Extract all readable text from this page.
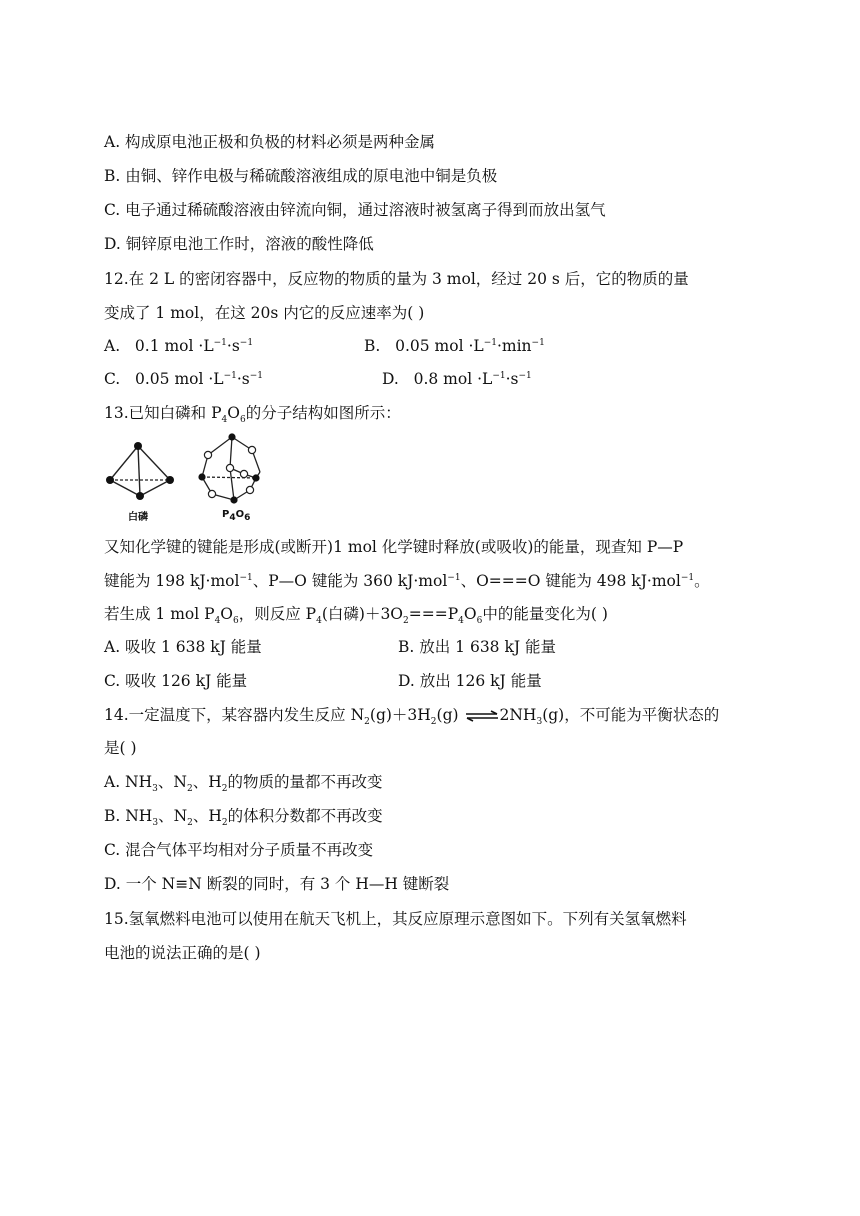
A. 构成原电池正极和负极的材料必须是两种金属
B. 由铜、锌作电极与稀硫酸溶液组成的原电池中铜是负极
C. 电子通过稀硫酸溶液由锌流向铜，通过溶液时被氢离子得到而放出氢气
D. 铜锌原电池工作时，溶液的酸性降低
12.在 2 L 的密闭容器中，反应物的物质的量为 3 mol，经过 20 s 后，它的物质的量
变成了 1 mol，在这 20s 内它的反应速率为( )
A. 0.1 mol $\cdot L^{-1}\cdot s^{-1}$	B. 0.05 mol $\cdot L^{-1}\cdot\min^{-1}$
C. 0.05 mol $\cdot L^{-1}\cdot s^{-1}$	D. 0.8 mol $\cdot L^{-1}\cdot s^{-1}$
13.已知白磷和 $P_4O_6$的分子结构如图所示：
白磷	$P_4O_6$
又知化学键的键能是形成(或断开)1 mol 化学键时释放(或吸收)的能量，现查知 P—P
键能为 198 kJ·mol$^{-1}$、P—O 键能为 360 kJ·mol$^{-1}$、O===O 键能为 498 kJ·mol$^{-1}$。
若生成 1 mol $P_4O_6$，则反应 $P_4$(白磷)$+3O_2===P_4O_6$中的能量变化为( )
A. 吸收 1 638 kJ 能量	B. 放出 1 638 kJ 能量
C. 吸收 126 kJ 能量	D. 放出 126 kJ 能量
14.一定温度下，某容器内发生反应 $N_2(g)+3H_2(g)$ $\rightleftharpoons 2NH_3(g)$，不可能为平衡状态的
是( )
A. $NH_3$、$N_2$、$H_2$的物质的量都不再改变
B. $NH_3$、$N_2$、$H_2$的体积分数都不再改变
C. 混合气体平均相对分子质量不再改变
D. 一个 N≡N 断裂的同时，有 3 个 H—H 键断裂
15.氢氧燃料电池可以使用在航天飞机上，其反应原理示意图如下。下列有关氢氧燃料
电池的说法正确的是( )
